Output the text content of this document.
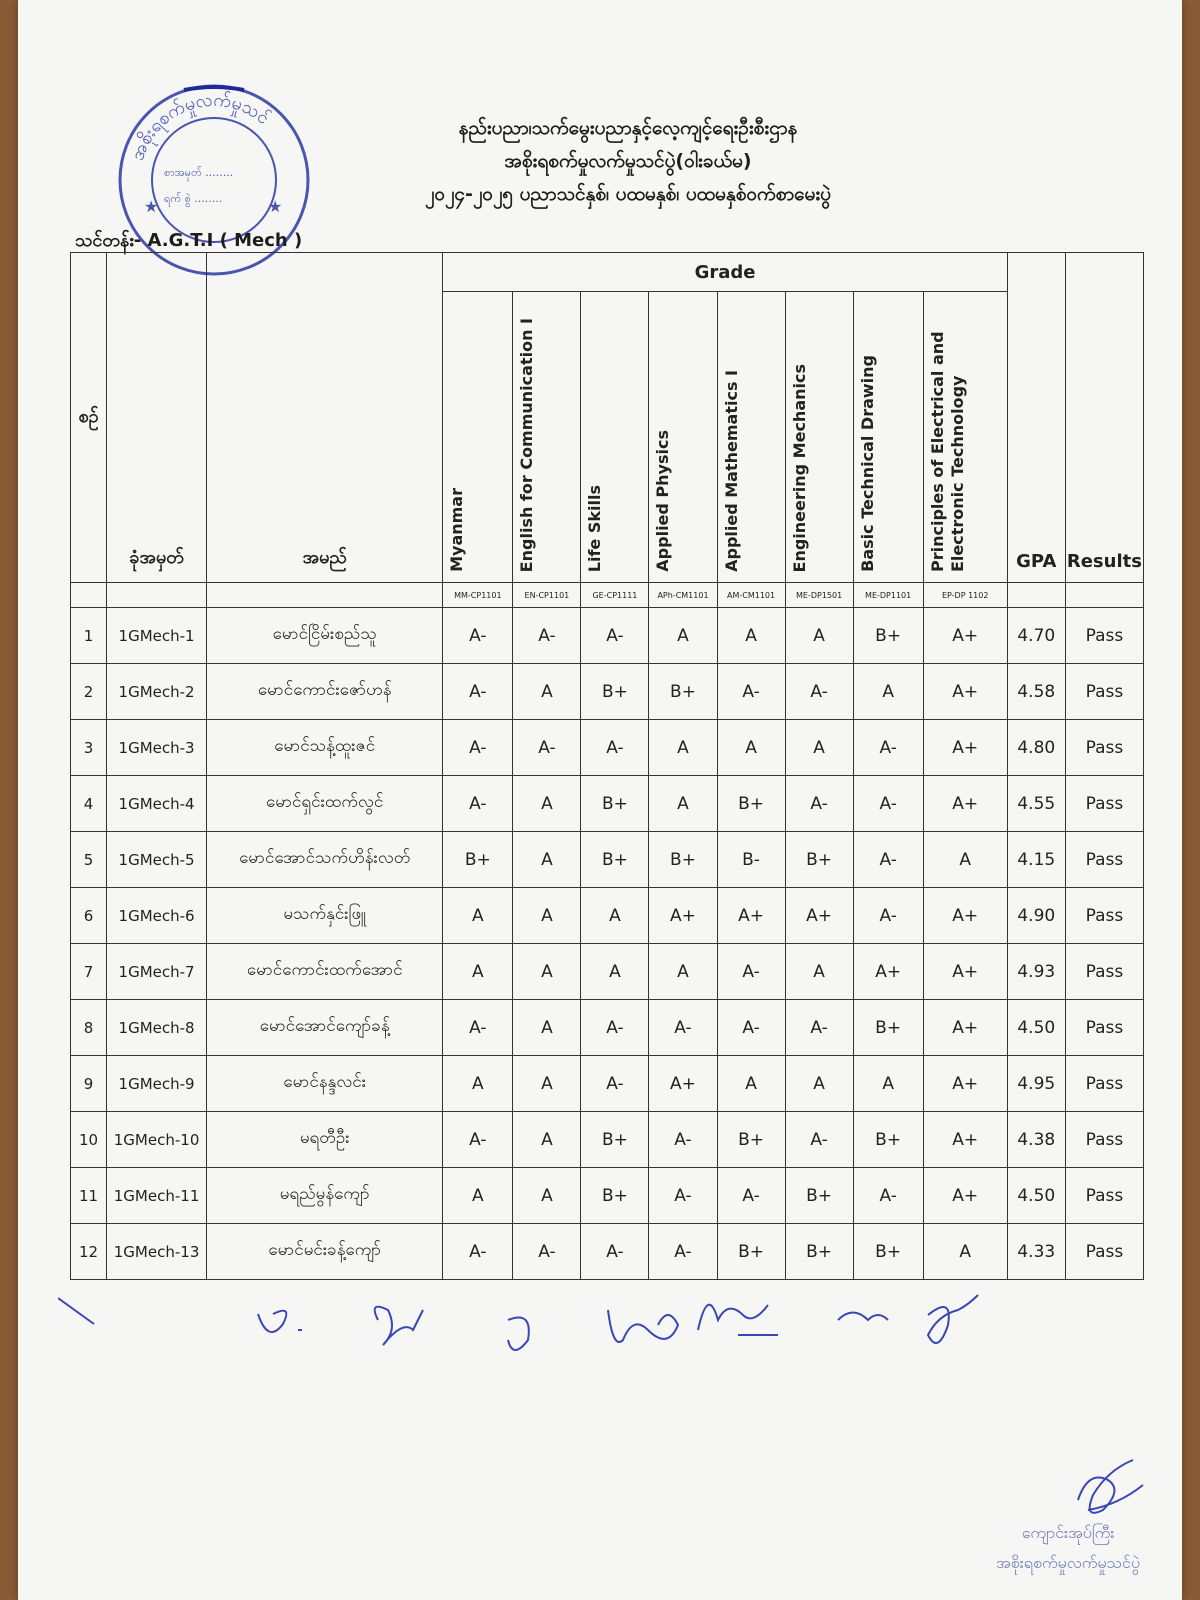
အစိုးရစက်မှုလက်မှုသင်
စာအမှတ် ........
ရက် စွဲ ........
★	★
နည်းပညာ၊သက်မွေးပညာနှင့်လေ့ကျင့်ရေးဦးစီးဌာန
အစိုးရစက်မှုလက်မှုသင်ပွဲ(ဝါးခယ်မ)
၂၀၂၄-၂၀၂၅ ပညာသင်နှစ်၊ ပထမနှစ်၊ ပထမနှစ်ဝက်စာမေးပွဲ
သင်တန်း- A.G.T.I ( Mech )
စဉ်	ခုံအမှတ်	အမည်	Grade								GPA	Results

			Myanmar	English for Communication I	Life Skills	Applied Physics	Applied Mathematics I	Engineering Mechanics	Basic Technical Drawing	Principles of Electrical and Electronic Technology		

			MM-CP1101	EN-CP1101	GE-CP1111	APh-CM1101	AM-CM1101	ME-DP1501	ME-DP1101	EP-DP 1102		
1	1GMech-1	မောင်ငြိမ်းစည်သူ	A-	A-	A-	A	A	A	B+	A+	4.70	Pass
2	1GMech-2	မောင်ကောင်းဇော်ဟန်	A-	A	B+	B+	A-	A-	A	A+	4.58	Pass
3	1GMech-3	မောင်သန့်ထူးဇင်	A-	A-	A-	A	A	A	A-	A+	4.80	Pass
4	1GMech-4	မောင်ရှင်းထက်လွင်	A-	A	B+	A	B+	A-	A-	A+	4.55	Pass
5	1GMech-5	မောင်အောင်သက်ဟိန်းလတ်	B+	A	B+	B+	B-	B+	A-	A	4.15	Pass
6	1GMech-6	မသက်နှင်းဖြူ	A	A	A	A+	A+	A+	A-	A+	4.90	Pass
7	1GMech-7	မောင်ကောင်းထက်အောင်	A	A	A	A	A-	A	A+	A+	4.93	Pass
8	1GMech-8	မောင်အောင်ကျော်ခန့်	A-	A	A-	A-	A-	A-	B+	A+	4.50	Pass
9	1GMech-9	မောင်နန္ဒလင်း	A	A	A-	A+	A	A	A	A+	4.95	Pass
10	1GMech-10	မရတီဦး	A-	A	B+	A-	B+	A-	B+	A+	4.38	Pass
11	1GMech-11	မရည်မွန်ကျော်	A	A	B+	A-	A-	B+	A-	A+	4.50	Pass
12	1GMech-13	မောင်မင်းခန့်ကျော်	A-	A-	A-	A-	B+	B+	B+	A	4.33	Pass
ကျောင်းအုပ်ကြီး
အစိုးရစက်မှုလက်မှုသင်ပွဲ
